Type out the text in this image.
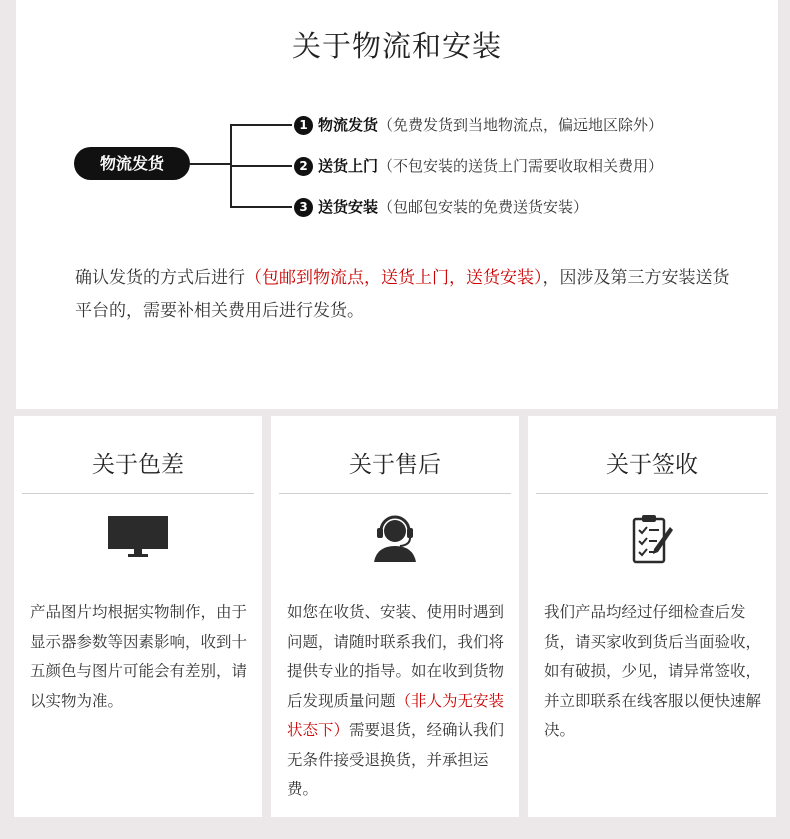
关于物流和安装
物流发货
1 物流发货（免费发货到当地物流点，偏远地区除外）
2 送货上门（不包安装的送货上门需要收取相关费用）
3 送货安装（包邮包安装的免费送货安装）
确认发货的方式后进行（包邮到物流点，送货上门，送货安装），因涉及第三方安装送货平台的，需要补相关费用后进行发货。
关于色差
产品图片均根据实物制作，由于显示器参数等因素影响，收到十五颜色与图片可能会有差别，请以实物为准。
关于售后
如您在收货、安装、使用时遇到问题，请随时联系我们，我们将提供专业的指导。如在收到货物后发现质量问题（非人为无安装状态下）需要退货，经确认我们无条件接受退换货，并承担运费。
关于签收
我们产品均经过仔细检查后发货，请买家收到货后当面验收，如有破损，少见，请异常签收，并立即联系在线客服以便快速解决。
